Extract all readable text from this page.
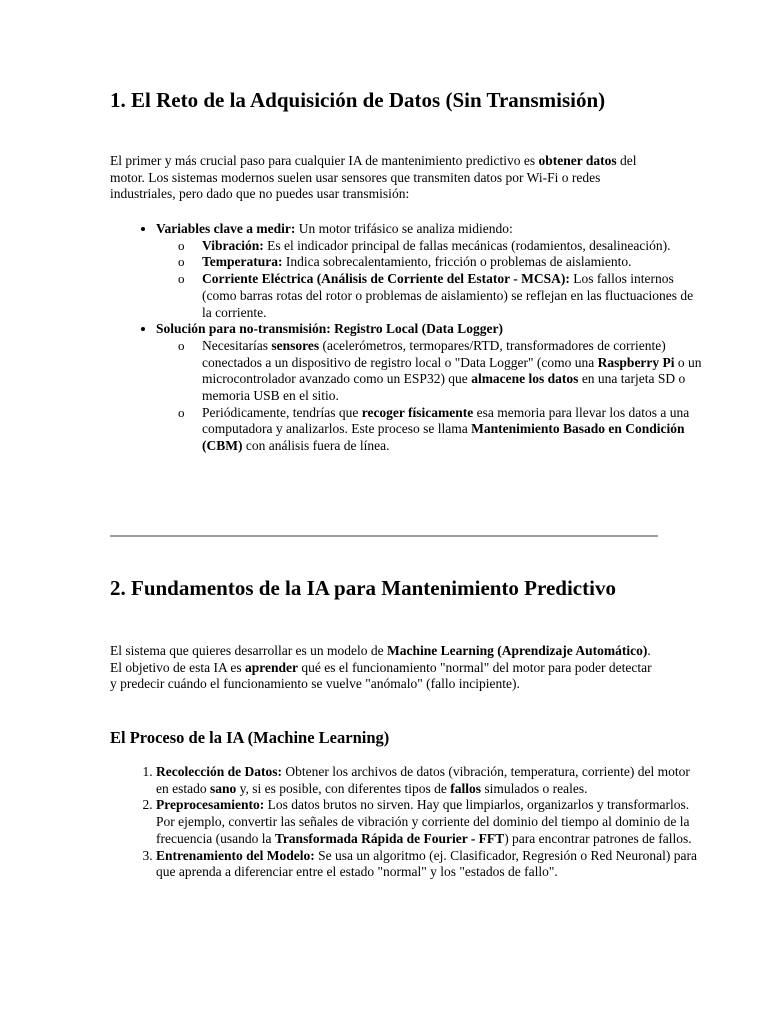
1. El Reto de la Adquisición de Datos (Sin Transmisión)

El primer y más crucial paso para cualquier IA de mantenimiento predictivo es obtener datos del motor. Los sistemas modernos suelen usar sensores que transmiten datos por Wi-Fi o redes industriales, pero dado que no puedes usar transmisión:

• Variables clave a medir: Un motor trifásico se analiza midiendo:
o Vibración: Es el indicador principal de fallas mecánicas (rodamientos, desalineación).
o Temperatura: Indica sobrecalentamiento, fricción o problemas de aislamiento.
o Corriente Eléctrica (Análisis de Corriente del Estator - MCSA): Los fallos internos (como barras rotas del rotor o problemas de aislamiento) se reflejan en las fluctuaciones de la corriente.
• Solución para no-transmisión: Registro Local (Data Logger)
o Necesitarías sensores (acelerómetros, termopares/RTD, transformadores de corriente) conectados a un dispositivo de registro local o "Data Logger" (como una Raspberry Pi o un microcontrolador avanzado como un ESP32) que almacene los datos en una tarjeta SD o memoria USB en el sitio.
o Periódicamente, tendrías que recoger físicamente esa memoria para llevar los datos a una computadora y analizarlos. Este proceso se llama Mantenimiento Basado en Condición (CBM) con análisis fuera de línea.
2. Fundamentos de la IA para Mantenimiento Predictivo

El sistema que quieres desarrollar es un modelo de Machine Learning (Aprendizaje Automático). El objetivo de esta IA es aprender qué es el funcionamiento "normal" del motor para poder detectar y predecir cuándo el funcionamiento se vuelve "anómalo" (fallo incipiente).

El Proceso de la IA (Machine Learning)
1. Recolección de Datos: Obtener los archivos de datos (vibración, temperatura, corriente) del motor en estado sano y, si es posible, con diferentes tipos de fallos simulados o reales.
2. Preprocesamiento: Los datos brutos no sirven. Hay que limpiarlos, organizarlos y transformarlos. Por ejemplo, convertir las señales de vibración y corriente del dominio del tiempo al dominio de la frecuencia (usando la Transformada Rápida de Fourier - FFT) para encontrar patrones de fallos.
3. Entrenamiento del Modelo: Se usa un algoritmo (ej. Clasificador, Regresión o Red Neuronal) para que aprenda a diferenciar entre el estado "normal" y los "estados de fallo".
